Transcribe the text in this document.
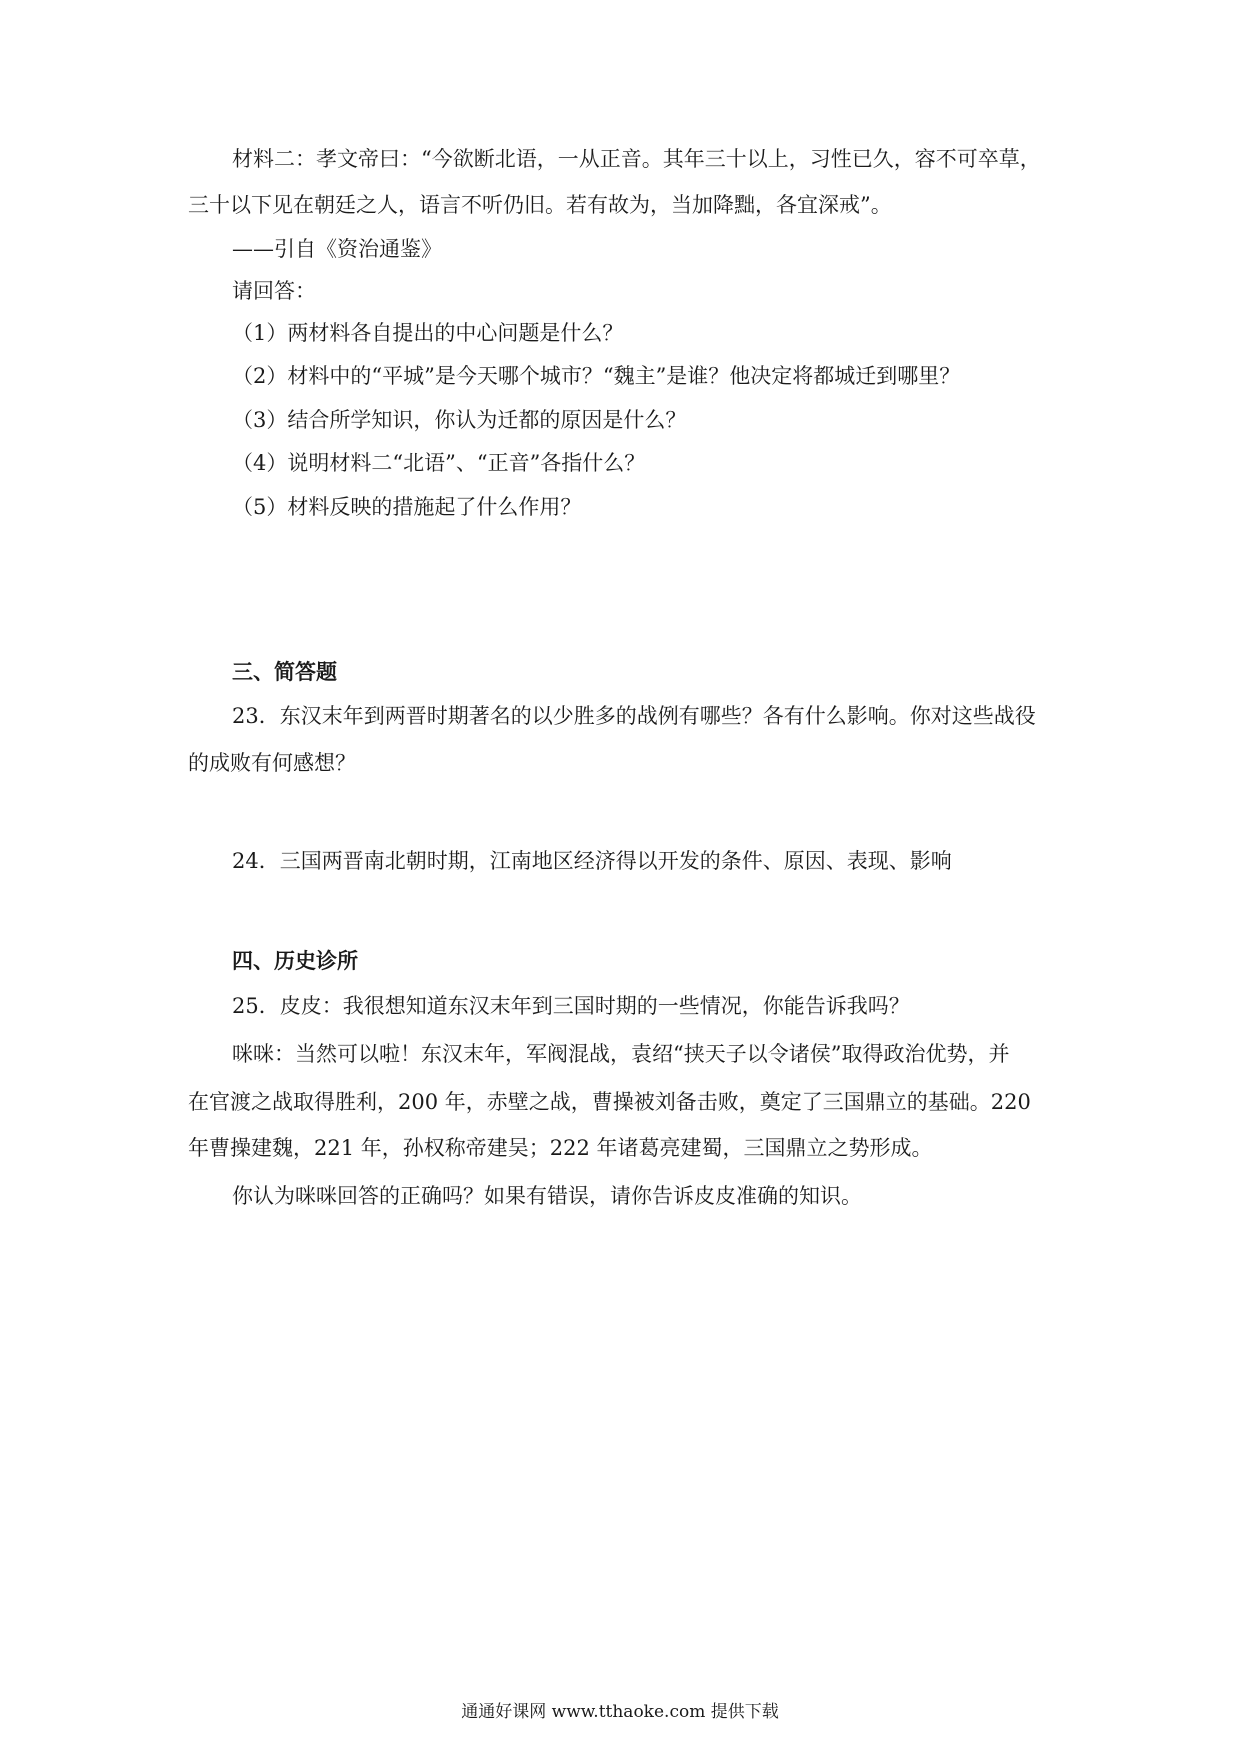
材料二：孝文帝曰：“今欲断北语，一从正音。其年三十以上，习性已久，容不可卒草，
三十以下见在朝廷之人，语言不听仍旧。若有故为，当加降黜，各宜深戒”。
——引自《资治通鉴》
请回答：
（1）两材料各自提出的中心问题是什么？
（2）材料中的“平城”是今天哪个城市？“魏主”是谁？他决定将都城迁到哪里？
（3）结合所学知识，你认为迁都的原因是什么？
（4）说明材料二“北语”、“正音”各指什么？
（5）材料反映的措施起了什么作用？
三、简答题
23．东汉末年到两晋时期著名的以少胜多的战例有哪些？各有什么影响。你对这些战役
的成败有何感想？
24．三国两晋南北朝时期，江南地区经济得以开发的条件、原因、表现、影响
四、历史诊所
25．皮皮：我很想知道东汉末年到三国时期的一些情况，你能告诉我吗？
咪咪：当然可以啦！东汉末年，军阀混战，袁绍“挟天子以令诸侯”取得政治优势，并
在官渡之战取得胜利，200 年，赤壁之战，曹操被刘备击败，奠定了三国鼎立的基础。220
年曹操建魏，221 年，孙权称帝建吴；222 年诸葛亮建蜀，三国鼎立之势形成。
你认为咪咪回答的正确吗？如果有错误，请你告诉皮皮准确的知识。
通通好课网 www.tthaoke.com 提供下载
